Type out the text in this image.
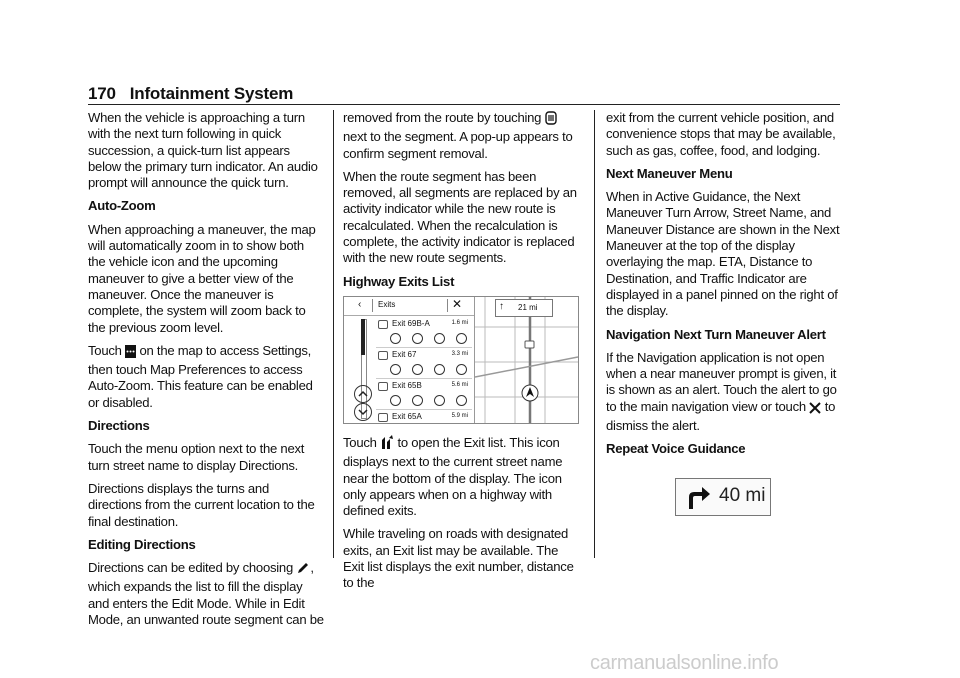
170 Infotainment System

When the vehicle is approaching a turn with the next turn following in quick succession, a quick-turn list appears below the primary turn indicator. An audio prompt will announce the quick turn.

Auto-Zoom

When approaching a maneuver, the map will automatically zoom in to show both the vehicle icon and the upcoming maneuver to give a better view of the maneuver. Once the maneuver is complete, the system will zoom back to the previous zoom level.

Touch on the map to access Settings, then touch Map Preferences to access Auto-Zoom. This feature can be enabled or disabled.

Directions

Touch the menu option next to the next turn street name to display Directions.

Directions displays the turns and directions from the current location to the final destination.

Editing Directions

Directions can be edited by choosing , which expands the list to fill the display and enters the Edit Mode. While in Edit Mode, an unwanted route segment can be

removed from the route by touching  next to the segment. A pop-up appears to confirm segment removal.

When the route segment has been removed, all segments are replaced by an activity indicator while the new route is recalculated. When the recalculation is complete, the activity indicator is replaced with the new route segments.

Highway Exits List

‹ Exits	✕
Exit 69B-A	1.6 mi
Exit 67	3.3 mi
Exit 65B	5.6 mi
Exit 65A	5.9 mi
↑ 21 mi

Touch to open the Exit list. This icon displays next to the current street name near the bottom of the display. The icon only appears when on a highway with defined exits.

While traveling on roads with designated exits, an Exit list may be available. The Exit list displays the exit number, distance to the

exit from the current vehicle position, and convenience stops that may be available, such as gas, coffee, food, and lodging.

Next Maneuver Menu

When in Active Guidance, the Next Maneuver Turn Arrow, Street Name, and Maneuver Distance are shown in the Next Maneuver at the top of the display overlaying the map. ETA, Distance to Destination, and Traffic Indicator are displayed in a panel pinned on the right of the display.

Navigation Next Turn Maneuver Alert

If the Navigation application is not open when a near maneuver prompt is given, it is shown as an alert. Touch the alert to go to the main navigation view or touch to dismiss the alert.

Repeat Voice Guidance

40 mi
carmanualsonline.info
